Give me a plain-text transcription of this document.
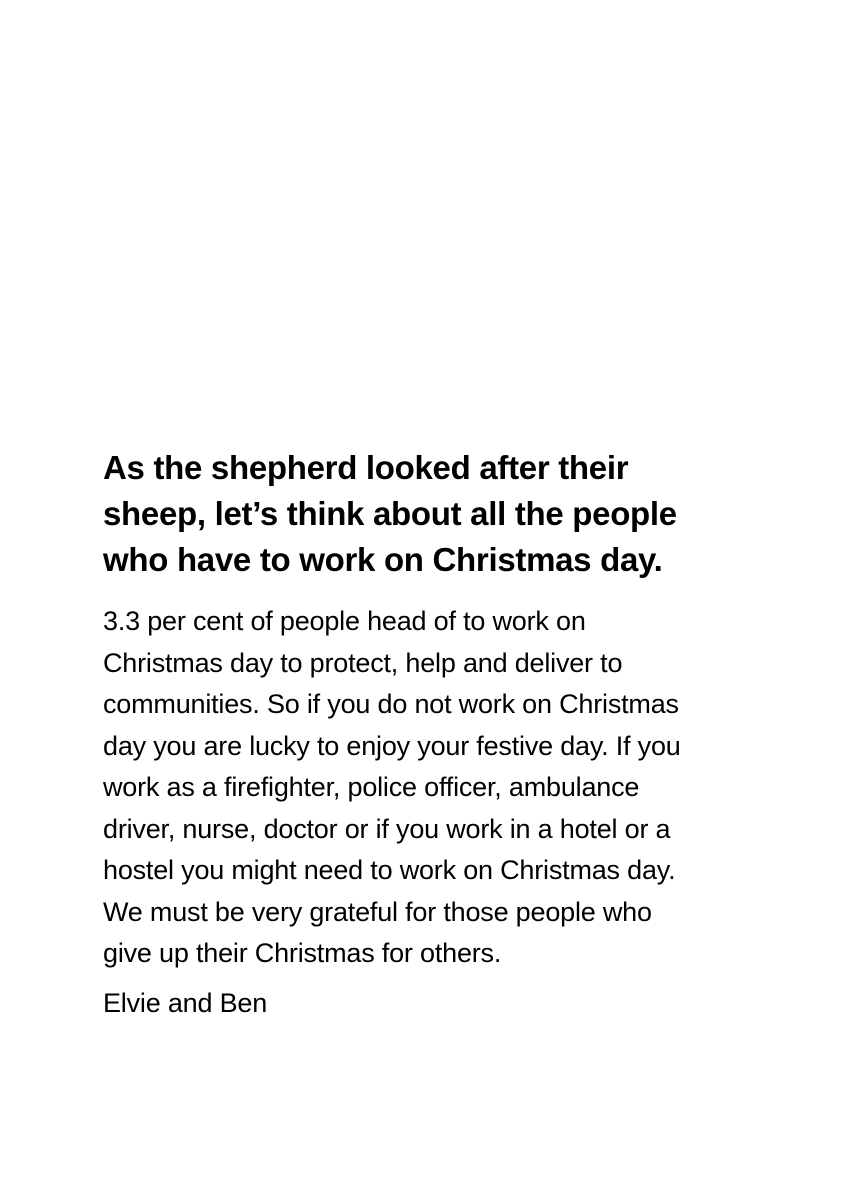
As the shepherd looked after their
sheep, let’s think about all the people
who have to work on Christmas day.

3.3 per cent of people head of to work on
Christmas day to protect, help and deliver to
communities. So if you do not work on Christmas
day you are lucky to enjoy your festive day. If you
work as a firefighter, police officer, ambulance
driver, nurse, doctor or if you work in a hotel or a
hostel you might need to work on Christmas day.
We must be very grateful for those people who
give up their Christmas for others.

Elvie and Ben
